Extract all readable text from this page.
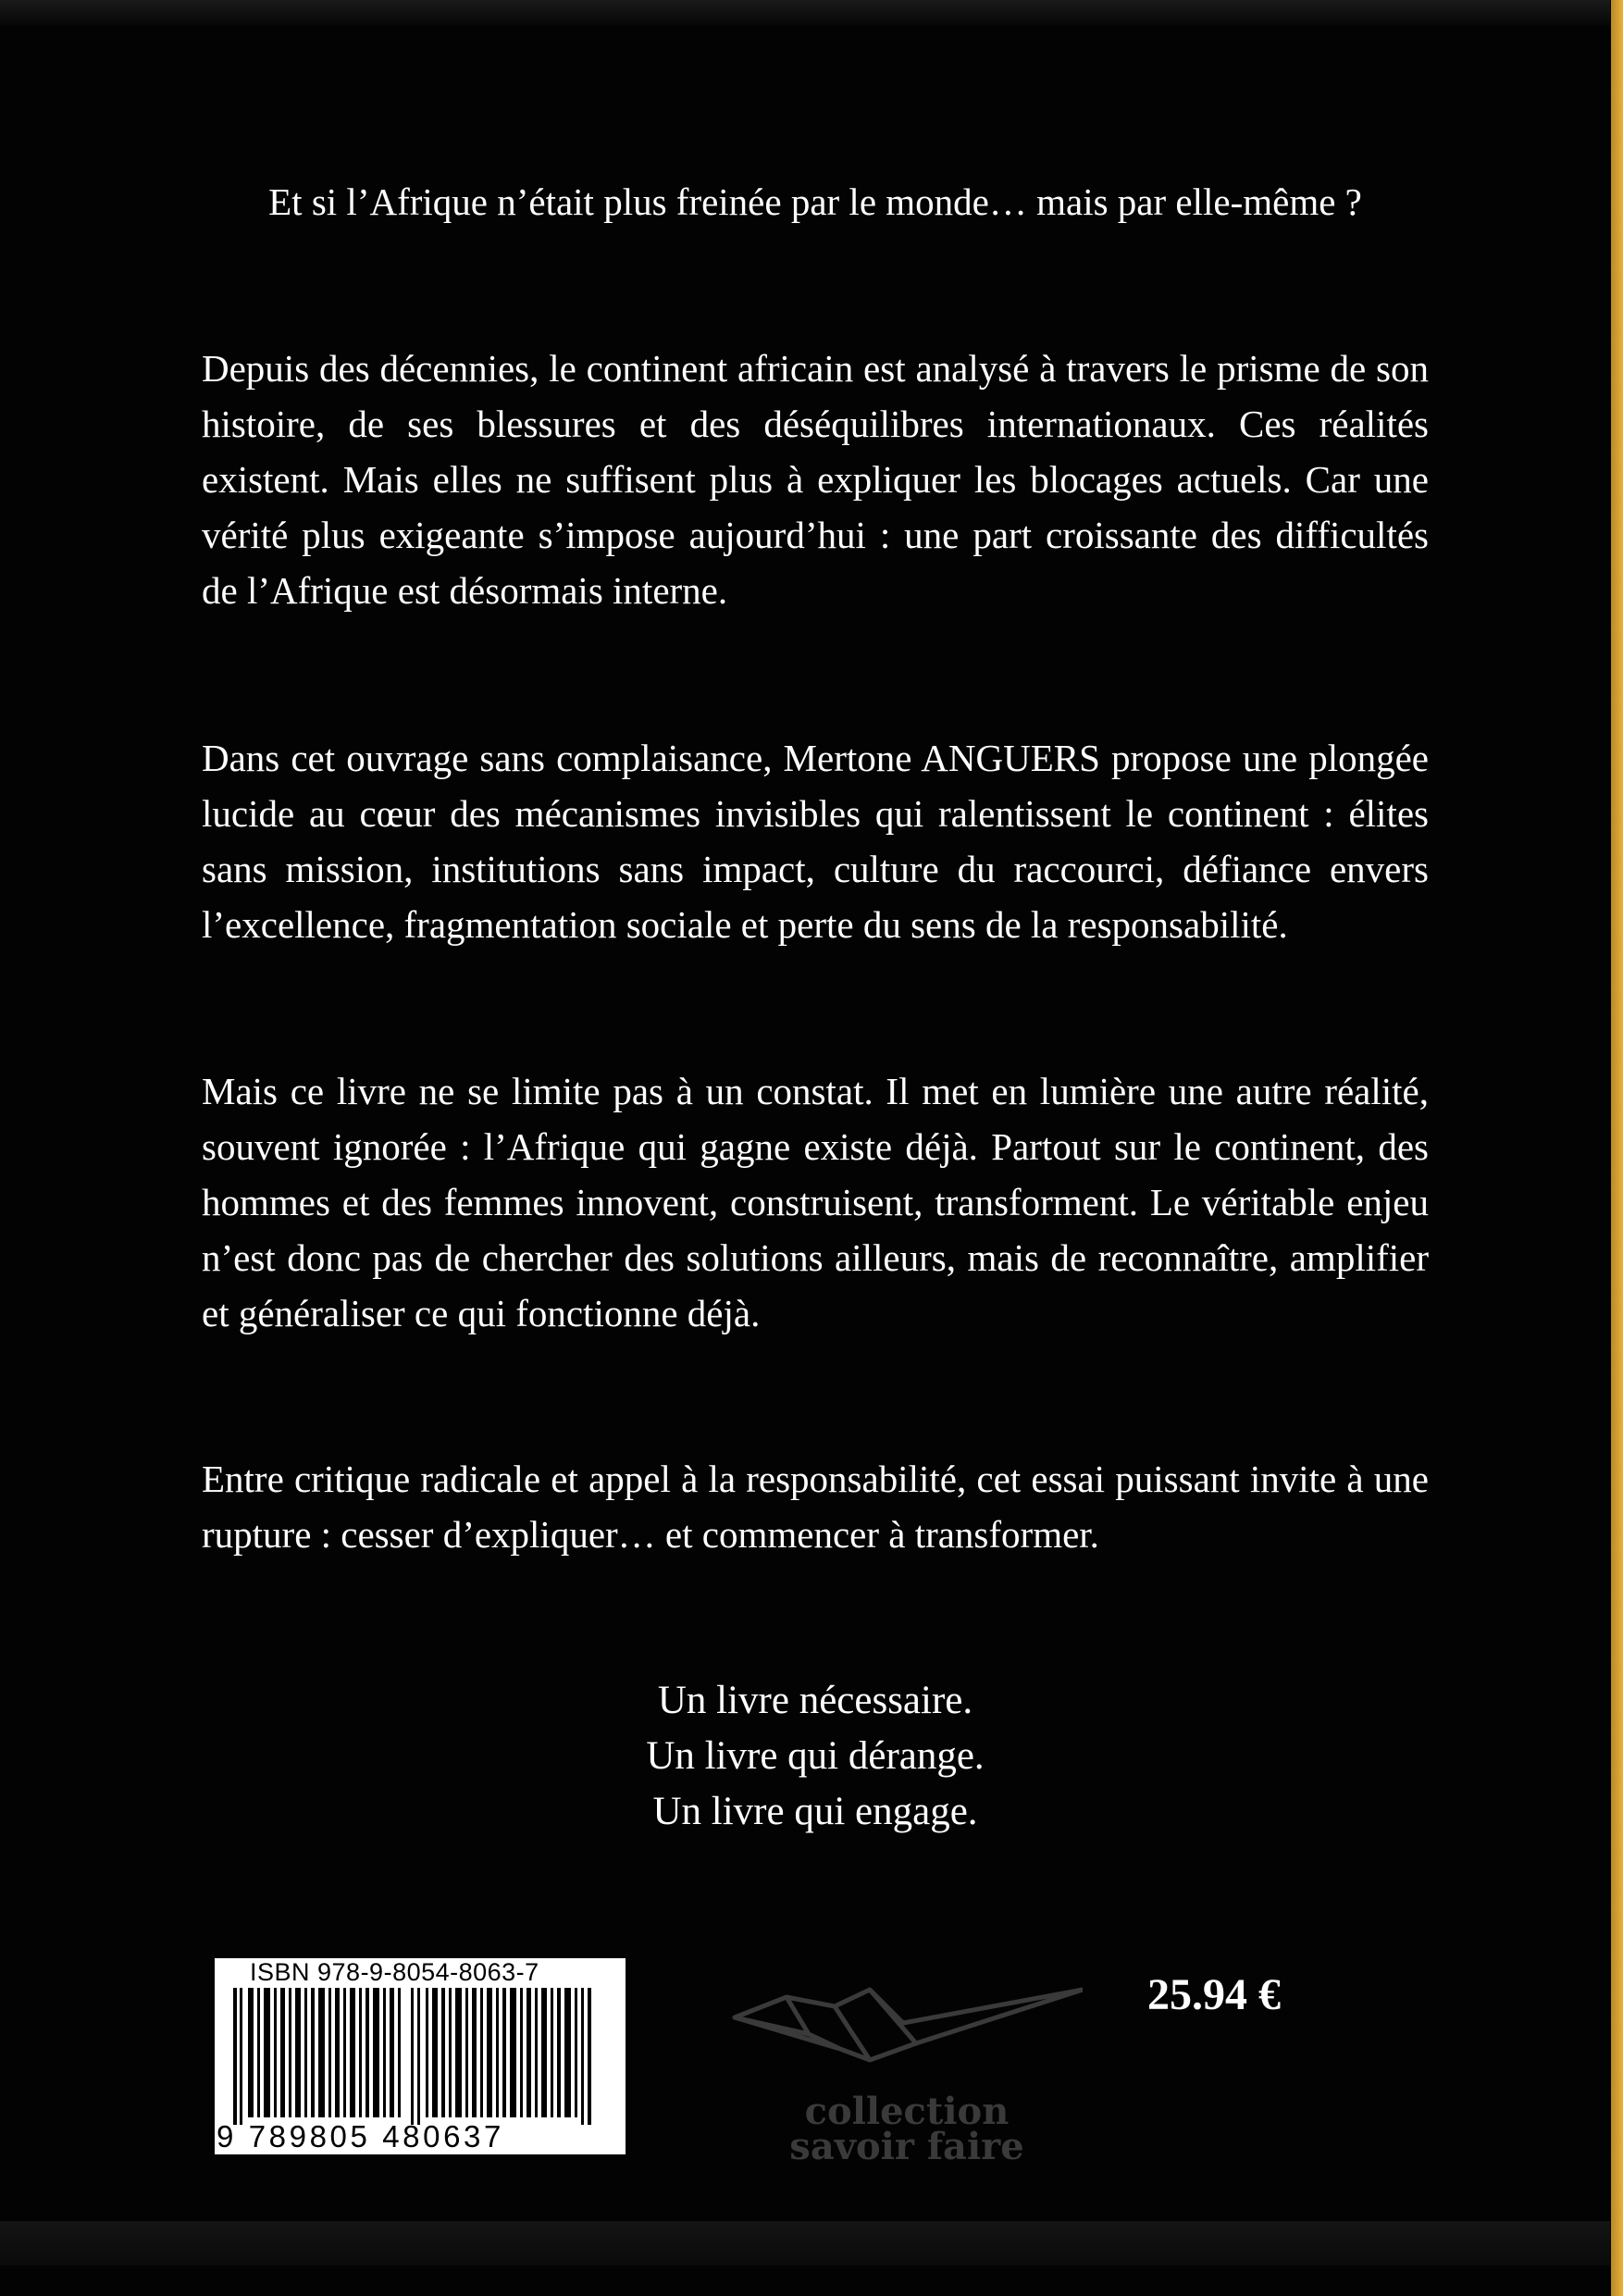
Et si l’Afrique n’était plus freinée par le monde… mais par elle-même ?

Depuis des décennies, le continent africain est analysé à travers le prisme de son histoire, de ses blessures et des déséquilibres internationaux. Ces réalités existent. Mais elles ne suffisent plus à expliquer les blocages actuels. Car une vérité plus exigeante s’impose aujourd’hui : une part croissante des difficultés de l’Afrique est désormais interne.

Dans cet ouvrage sans complaisance, Mertone ANGUERS propose une plongée lucide au cœur des mécanismes invisibles qui ralentissent le continent : élites sans mission, institutions sans impact, culture du raccourci, défiance envers l’excellence, fragmentation sociale et perte du sens de la responsabilité.

Mais ce livre ne se limite pas à un constat. Il met en lumière une autre réalité, souvent ignorée : l’Afrique qui gagne existe déjà. Partout sur le continent, des hommes et des femmes innovent, construisent, transforment. Le véritable enjeu n’est donc pas de chercher des solutions ailleurs, mais de reconnaître, amplifier et généraliser ce qui fonctionne déjà.

Entre critique radicale et appel à la responsabilité, cet essai puissant invite à une rupture : cesser d’expliquer… et commencer à transformer.

Un livre nécessaire.
Un livre qui dérange.
Un livre qui engage.
ISBN 978-9-8054-8063-7
9 789805 480637
collection
savoir faire
25.94 €
